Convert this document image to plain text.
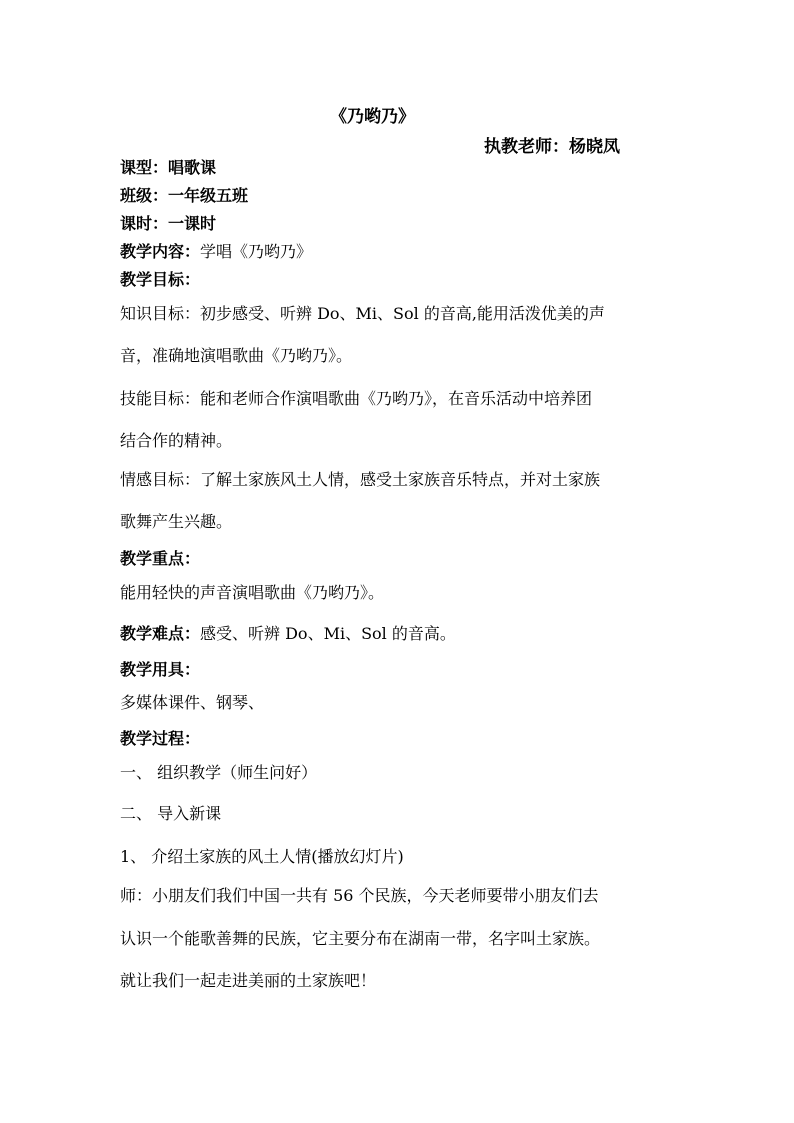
《乃哟乃》
执教老师：杨晓凤
课型：唱歌课
班级：一年级五班
课时：一课时
教学内容：学唱《乃哟乃》
教学目标：
知识目标：初步感受、听辨 Do、Mi、Sol 的音高,能用活泼优美的声
音，准确地演唱歌曲《乃哟乃》。
技能目标：能和老师合作演唱歌曲《乃哟乃》，在音乐活动中培养团
结合作的精神。
情感目标：了解土家族风土人情，感受土家族音乐特点，并对土家族
歌舞产生兴趣。
教学重点：
能用轻快的声音演唱歌曲《乃哟乃》。
教学难点：感受、听辨 Do、Mi、Sol 的音高。
教学用具：
多媒体课件、钢琴、
教学过程：
一、 组织教学（师生问好）
二、 导入新课
1、 介绍土家族的风土人情(播放幻灯片)
师：小朋友们我们中国一共有 56 个民族，今天老师要带小朋友们去
认识一个能歌善舞的民族，它主要分布在湖南一带，名字叫土家族。
就让我们一起走进美丽的土家族吧！
